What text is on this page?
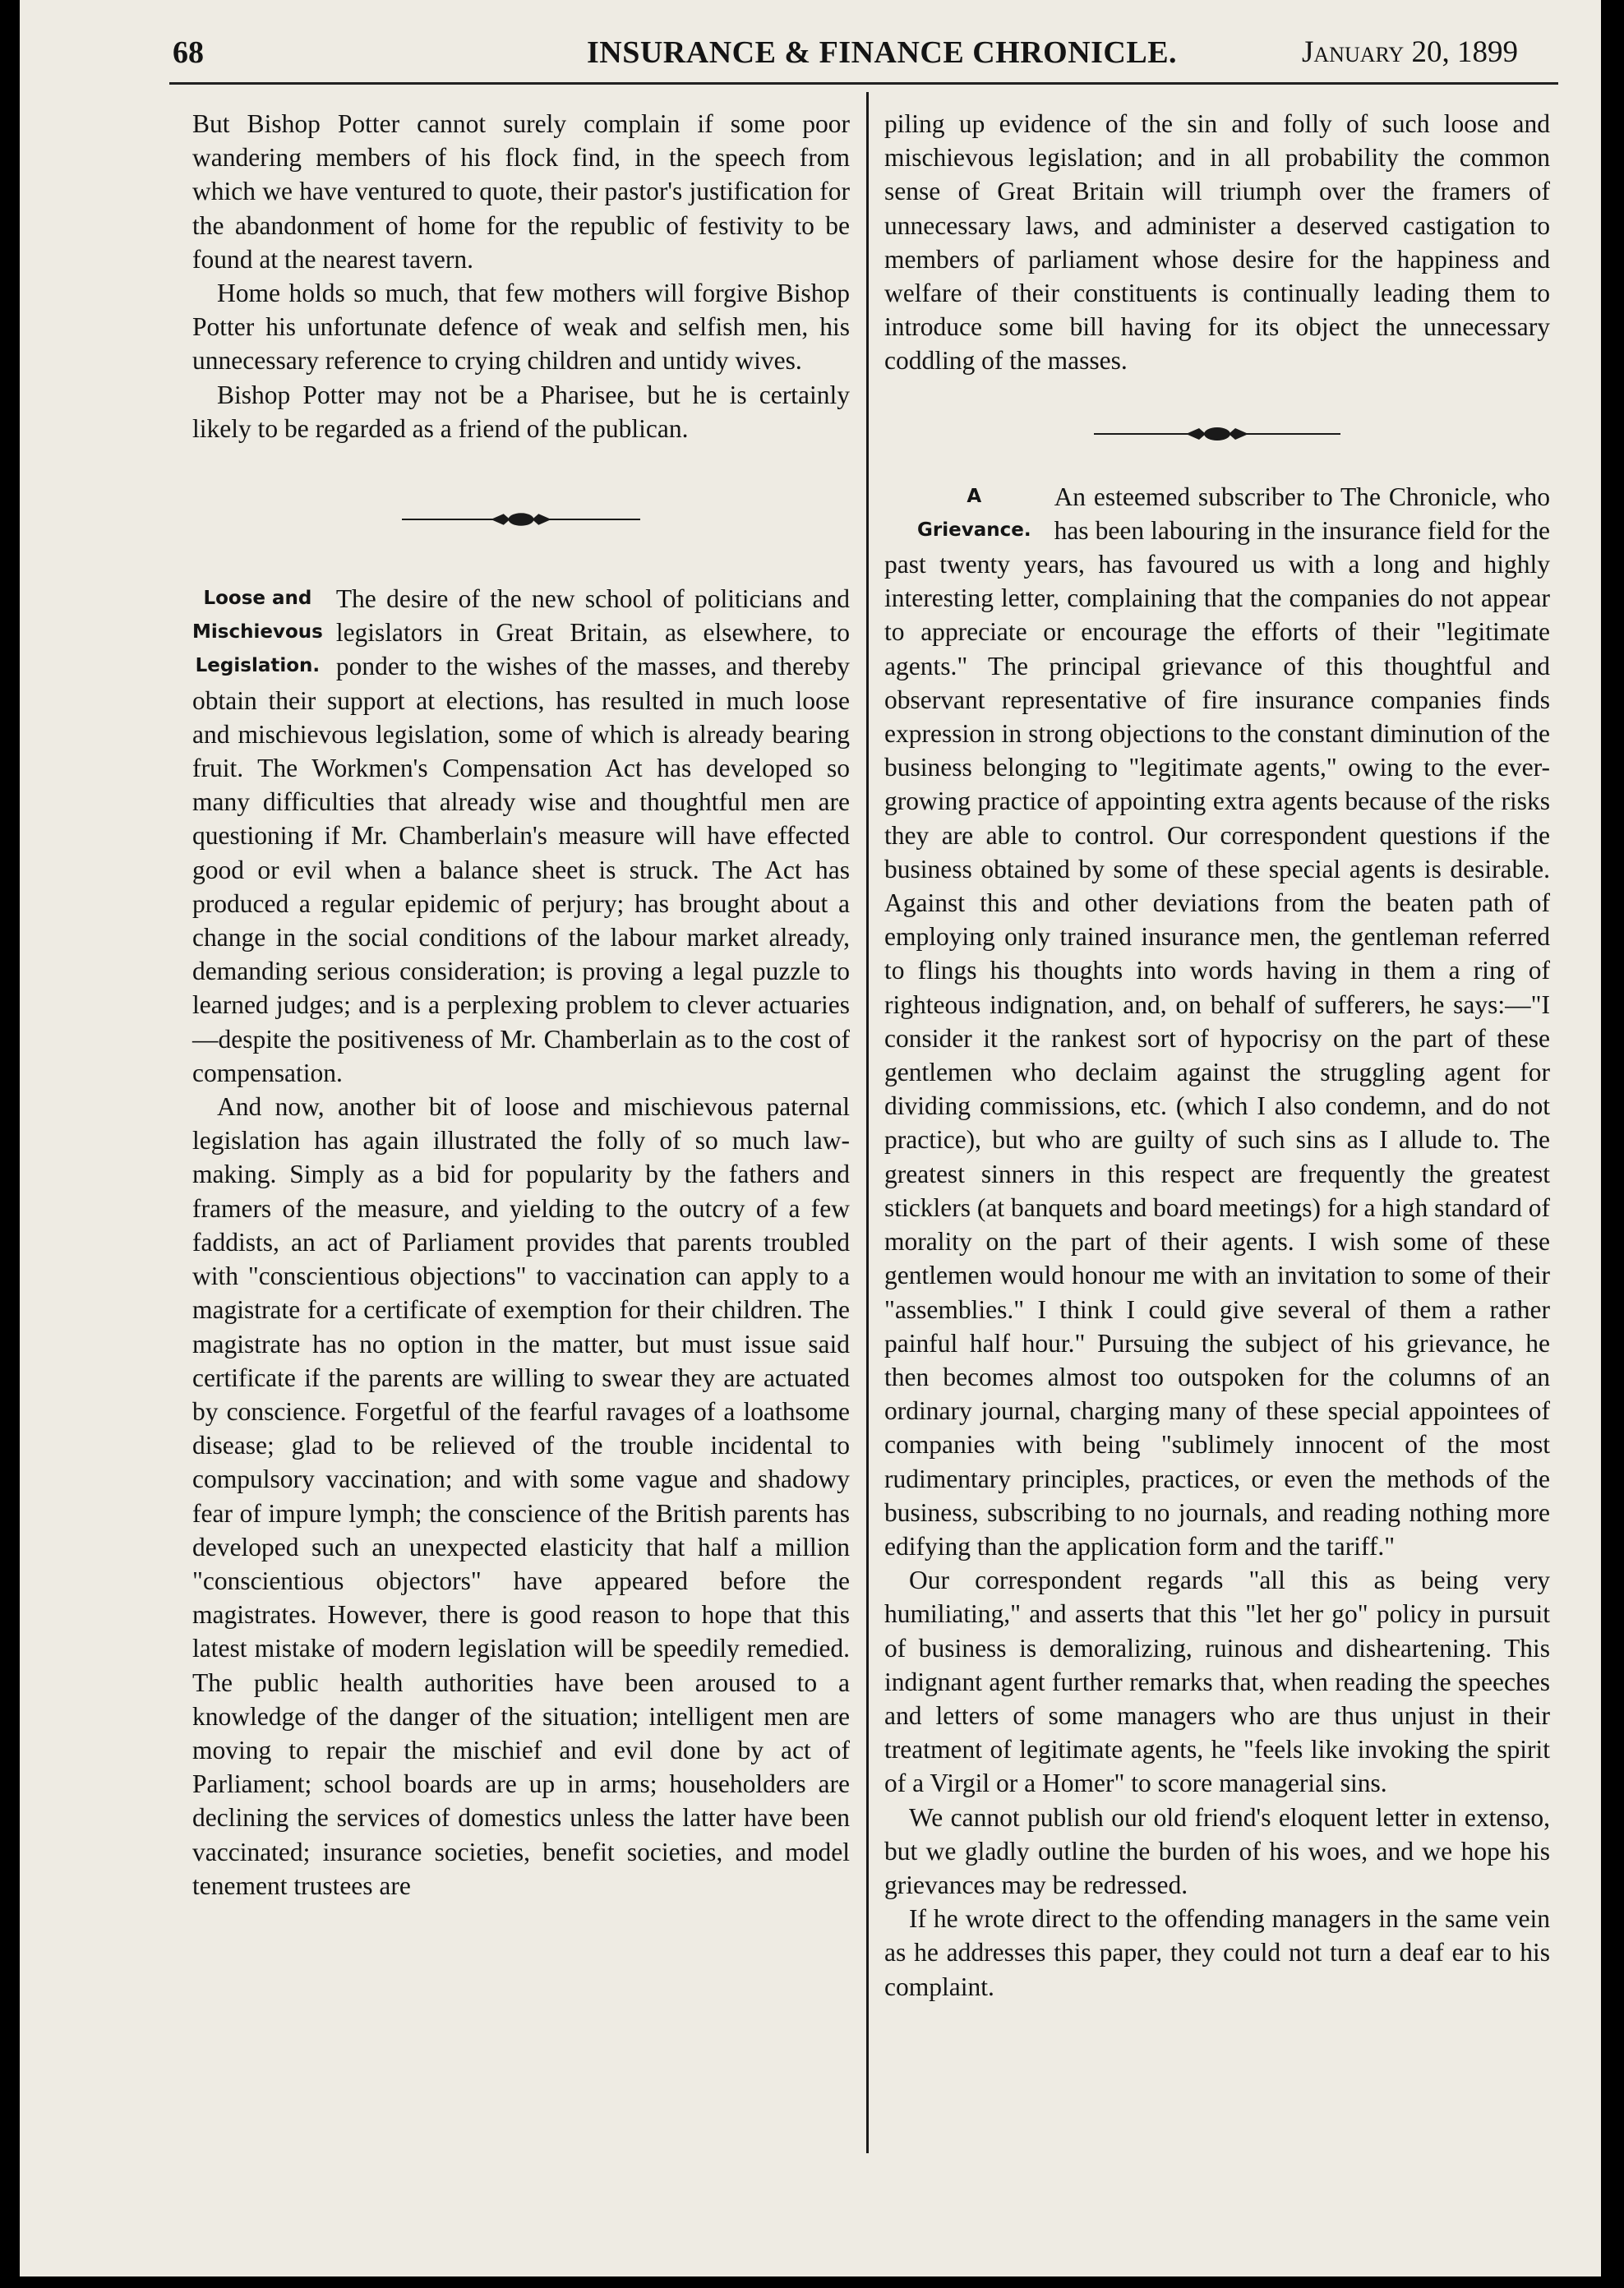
68	INSURANCE & FINANCE CHRONICLE.	January 20, 1899

But Bishop Potter cannot surely complain if some poor wandering members of his flock find, in the speech from which we have ventured to quote, their pastor's justification for the abandonment of home for the republic of festivity to be found at the nearest tavern.

Home holds so much, that few mothers will forgive Bishop Potter his unfortunate defence of weak and selfish men, his unnecessary reference to crying children and untidy wives.

Bishop Potter may not be a Pharisee, but he is certainly likely to be regarded as a friend of the publican.

Loose and
Mischievous
Legislation.

The desire of the new school of politicians and legislators in Great Britain, as elsewhere, to ponder to the wishes of the masses, and thereby obtain their support at elections, has resulted in much loose and mischievous legislation, some of which is already bearing fruit. The Workmen's Compensation Act has developed so many difficulties that already wise and thoughtful men are questioning if Mr. Chamberlain's measure will have effected good or evil when a balance sheet is struck. The Act has produced a regular epidemic of perjury; has brought about a change in the social conditions of the labour market already, demanding serious consideration; is proving a legal puzzle to learned judges; and is a perplexing problem to clever actuaries—despite the positiveness of Mr. Chamberlain as to the cost of compensation.

And now, another bit of loose and mischievous paternal legislation has again illustrated the folly of so much law-making. Simply as a bid for popularity by the fathers and framers of the measure, and yielding to the outcry of a few faddists, an act of Parliament provides that parents troubled with "conscientious objections" to vaccination can apply to a magistrate for a certificate of exemption for their children. The magistrate has no option in the matter, but must issue said certificate if the parents are willing to swear they are actuated by conscience. Forgetful of the fearful ravages of a loathsome disease; glad to be relieved of the trouble incidental to compulsory vaccination; and with some vague and shadowy fear of impure lymph; the conscience of the British parents has developed such an unexpected elasticity that half a million "conscientious objectors" have appeared before the magistrates. However, there is good reason to hope that this latest mistake of modern legislation will be speedily remedied. The public health authorities have been aroused to a knowledge of the danger of the situation; intelligent men are moving to repair the mischief and evil done by act of Parliament; school boards are up in arms; householders are declining the services of domestics unless the latter have been vaccinated; insurance societies, benefit societies, and model tenement trustees are

piling up evidence of the sin and folly of such loose and mischievous legislation; and in all probability the common sense of Great Britain will triumph over the framers of unnecessary laws, and administer a deserved castigation to members of parliament whose desire for the happiness and welfare of their constituents is continually leading them to introduce some bill having for its object the unnecessary coddling of the masses.

A
Grievance.

An esteemed subscriber to The Chronicle, who has been labouring in the insurance field for the past twenty years, has favoured us with a long and highly interesting letter, complaining that the companies do not appear to appreciate or encourage the efforts of their "legitimate agents." The principal grievance of this thoughtful and observant representative of fire insurance companies finds expression in strong objections to the constant diminution of the business belonging to "legitimate agents," owing to the ever-growing practice of appointing extra agents because of the risks they are able to control. Our correspondent questions if the business obtained by some of these special agents is desirable. Against this and other deviations from the beaten path of employing only trained insurance men, the gentleman referred to flings his thoughts into words having in them a ring of righteous indignation, and, on behalf of sufferers, he says:—"I consider it the rankest sort of hypocrisy on the part of these gentlemen who declaim against the struggling agent for dividing commissions, etc. (which I also condemn, and do not practice), but who are guilty of such sins as I allude to. The greatest sinners in this respect are frequently the greatest sticklers (at banquets and board meetings) for a high standard of morality on the part of their agents. I wish some of these gentlemen would honour me with an invitation to some of their "assemblies." I think I could give several of them a rather painful half hour." Pursuing the subject of his grievance, he then becomes almost too outspoken for the columns of an ordinary journal, charging many of these special appointees of companies with being "sublimely innocent of the most rudimentary principles, practices, or even the methods of the business, subscribing to no journals, and reading nothing more edifying than the application form and the tariff."

Our correspondent regards "all this as being very humiliating," and asserts that this "let her go" policy in pursuit of business is demoralizing, ruinous and disheartening. This indignant agent further remarks that, when reading the speeches and letters of some managers who are thus unjust in their treatment of legitimate agents, he "feels like invoking the spirit of a Virgil or a Homer" to score managerial sins.

We cannot publish our old friend's eloquent letter in extenso, but we gladly outline the burden of his woes, and we hope his grievances may be redressed.

If he wrote direct to the offending managers in the same vein as he addresses this paper, they could not turn a deaf ear to his complaint.
